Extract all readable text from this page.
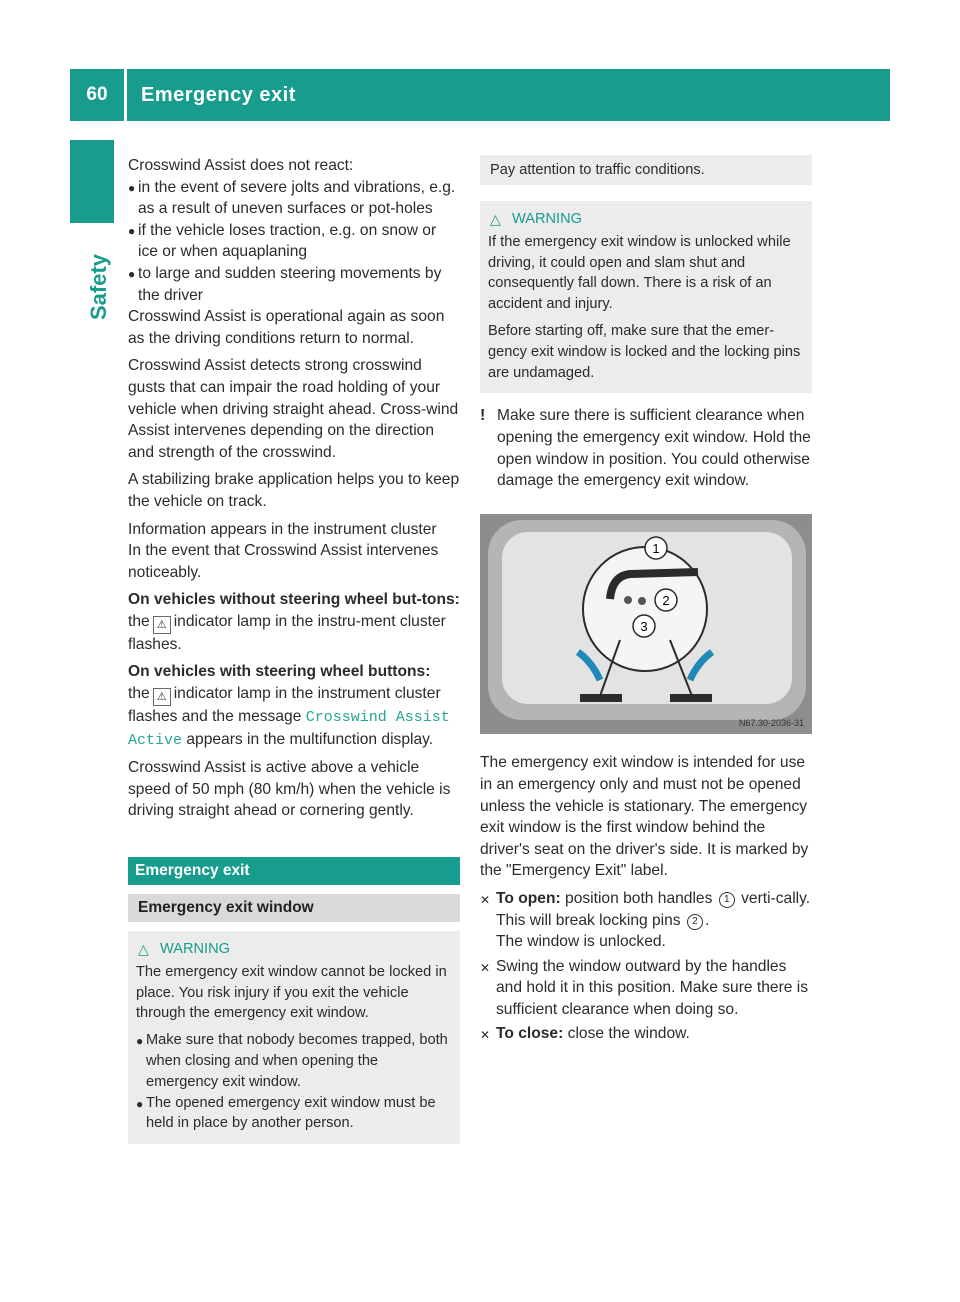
60	Emergency exit
Safety

Crosswind Assist does not react:

● in the event of severe jolts and vibrations, e.g. as a result of uneven surfaces or pot-holes
● if the vehicle loses traction, e.g. on snow or ice or when aquaplaning
● to large and sudden steering movements by the driver

Crosswind Assist is operational again as soon as the driving conditions return to normal.

Crosswind Assist detects strong crosswind gusts that can impair the road holding of your vehicle when driving straight ahead. Cross-wind Assist intervenes depending on the direction and strength of the crosswind.

A stabilizing brake application helps you to keep the vehicle on track.

Information appears in the instrument cluster

In the event that Crosswind Assist intervenes noticeably.

On vehicles without steering wheel but-tons: the ⚠ indicator lamp in the instru-ment cluster flashes.

On vehicles with steering wheel buttons:
the ⚠ indicator lamp in the instrument cluster flashes and the message Crosswind Assist Active appears in the multifunction display.

Crosswind Assist is active above a vehicle speed of 50 mph (80 km/h) when the vehicle is driving straight ahead or cornering gently.

Emergency exit
Emergency exit window
△ WARNING

The emergency exit window cannot be locked in place. You risk injury if you exit the vehicle through the emergency exit window.

● Make sure that nobody becomes trapped, both when closing and when opening the emergency exit window.
● The opened emergency exit window must be held in place by another person.
Pay attention to traffic conditions.
△ WARNING

If the emergency exit window is unlocked while driving, it could open and slam shut and consequently fall down. There is a risk of an accident and injury.

Before starting off, make sure that the emer-gency exit window is locked and the locking pins are undamaged.

! Make sure there is sufficient clearance when opening the emergency exit window. Hold the open window in position. You could otherwise damage the emergency exit window.
1
2
3
N67.30-2036-31

The emergency exit window is intended for use in an emergency only and must not be opened unless the vehicle is stationary. The emergency exit window is the first window behind the driver's seat on the driver's side. It is marked by the "Emergency Exit" label.

✕ To open: position both handles 1 verti-cally. This will break locking pins 2 .
The window is unlocked.
✕ Swing the window outward by the handles and hold it in this position. Make sure there is sufficient clearance when doing so.
✕ To close: close the window.
